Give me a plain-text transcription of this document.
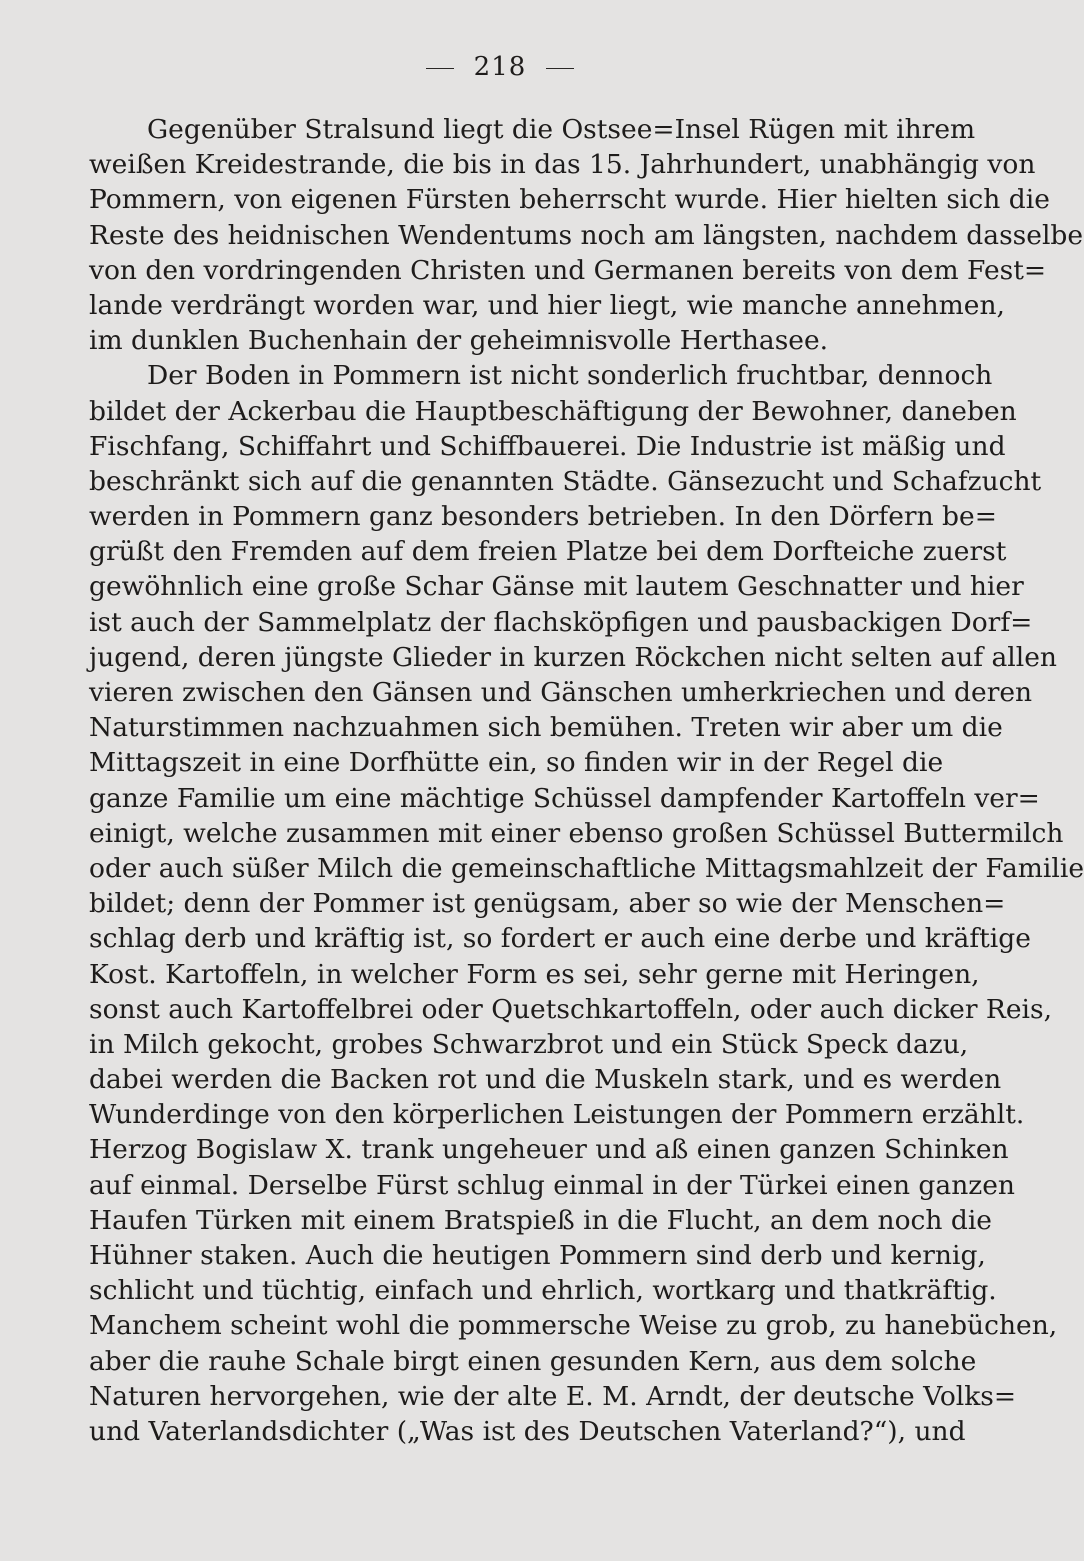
218
Gegenüber Stralsund liegt die Ostsee=Insel Rügen mit ihrem
weißen Kreidestrande, die bis in das 15. Jahrhundert, unabhängig von
Pommern, von eigenen Fürsten beherrscht wurde. Hier hielten sich die
Reste des heidnischen Wendentums noch am längsten, nachdem dasselbe
von den vordringenden Christen und Germanen bereits von dem Fest=
lande verdrängt worden war, und hier liegt, wie manche annehmen,
im dunklen Buchenhain der geheimnisvolle Herthasee.
Der Boden in Pommern ist nicht sonderlich fruchtbar, dennoch
bildet der Ackerbau die Hauptbeschäftigung der Bewohner, daneben
Fischfang, Schiffahrt und Schiffbauerei. Die Industrie ist mäßig und
beschränkt sich auf die genannten Städte. Gänsezucht und Schafzucht
werden in Pommern ganz besonders betrieben. In den Dörfern be=
grüßt den Fremden auf dem freien Platze bei dem Dorfteiche zuerst
gewöhnlich eine große Schar Gänse mit lautem Geschnatter und hier
ist auch der Sammelplatz der flachsköpfigen und pausbackigen Dorf=
jugend, deren jüngste Glieder in kurzen Röckchen nicht selten auf allen
vieren zwischen den Gänsen und Gänschen umherkriechen und deren
Naturstimmen nachzuahmen sich bemühen. Treten wir aber um die
Mittagszeit in eine Dorfhütte ein, so finden wir in der Regel die
ganze Familie um eine mächtige Schüssel dampfender Kartoffeln ver=
einigt, welche zusammen mit einer ebenso großen Schüssel Buttermilch
oder auch süßer Milch die gemeinschaftliche Mittagsmahlzeit der Familie
bildet; denn der Pommer ist genügsam, aber so wie der Menschen=
schlag derb und kräftig ist, so fordert er auch eine derbe und kräftige
Kost. Kartoffeln, in welcher Form es sei, sehr gerne mit Heringen,
sonst auch Kartoffelbrei oder Quetschkartoffeln, oder auch dicker Reis,
in Milch gekocht, grobes Schwarzbrot und ein Stück Speck dazu,
dabei werden die Backen rot und die Muskeln stark, und es werden
Wunderdinge von den körperlichen Leistungen der Pommern erzählt.
Herzog Bogislaw X. trank ungeheuer und aß einen ganzen Schinken
auf einmal. Derselbe Fürst schlug einmal in der Türkei einen ganzen
Haufen Türken mit einem Bratspieß in die Flucht, an dem noch die
Hühner staken. Auch die heutigen Pommern sind derb und kernig,
schlicht und tüchtig, einfach und ehrlich, wortkarg und thatkräftig.
Manchem scheint wohl die pommersche Weise zu grob, zu hanebüchen,
aber die rauhe Schale birgt einen gesunden Kern, aus dem solche
Naturen hervorgehen, wie der alte E. M. Arndt, der deutsche Volks=
und Vaterlandsdichter („Was ist des Deutschen Vaterland?“), und
